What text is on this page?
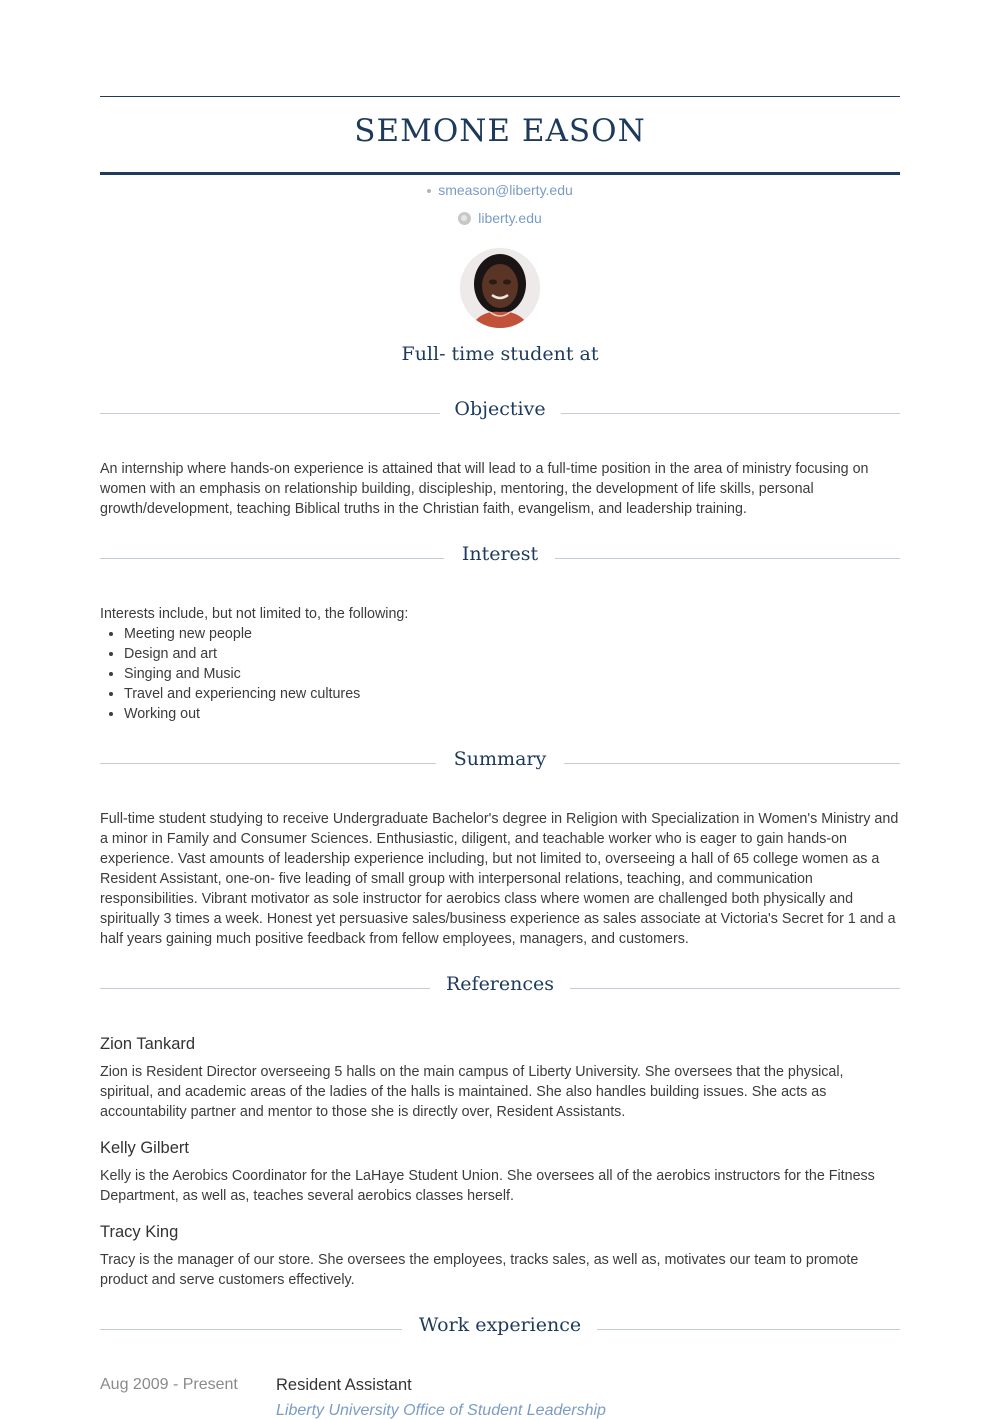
SEMONE EASON
smeason@liberty.edu
liberty.edu
Full- time student at
Objective

An internship where hands-on experience is attained that will lead to a full-time position in the area of ministry focusing on women with an emphasis on relationship building, discipleship, mentoring, the development of life skills, personal growth/development, teaching Biblical truths in the Christian faith, evangelism, and leadership training.

Interest
Interests include, but not limited to, the following:
• Meeting new people
• Design and art
• Singing and Music
• Travel and experiencing new cultures
• Working out
Summary

Full-time student studying to receive Undergraduate Bachelor's degree in Religion with Specialization in Women's Ministry and a minor in Family and Consumer Sciences. Enthusiastic, diligent, and teachable worker who is eager to gain hands-on experience. Vast amounts of leadership experience including, but not limited to, overseeing a hall of 65 college women as a Resident Assistant, one-on- five leading of small group with interpersonal relations, teaching, and communication responsibilities. Vibrant motivator as sole instructor for aerobics class where women are challenged both physically and spiritually 3 times a week. Honest yet persuasive sales/business experience as sales associate at Victoria's Secret for 1 and a half years gaining much positive feedback from fellow employees, managers, and customers.

References
Zion Tankard

Zion is Resident Director overseeing 5 halls on the main campus of Liberty University. She oversees that the physical, spiritual, and academic areas of the ladies of the halls is maintained. She also handles building issues. She acts as accountability partner and mentor to those she is directly over, Resident Assistants.

Kelly Gilbert

Kelly is the Aerobics Coordinator for the LaHaye Student Union. She oversees all of the aerobics instructors for the Fitness Department, as well as, teaches several aerobics classes herself.

Tracy King

Tracy is the manager of our store. She oversees the employees, tracks sales, as well as, motivates our team to promote product and serve customers effectively.

Work experience
Aug 2009 - Present Resident Assistant
Liberty University Office of Student Leadership
